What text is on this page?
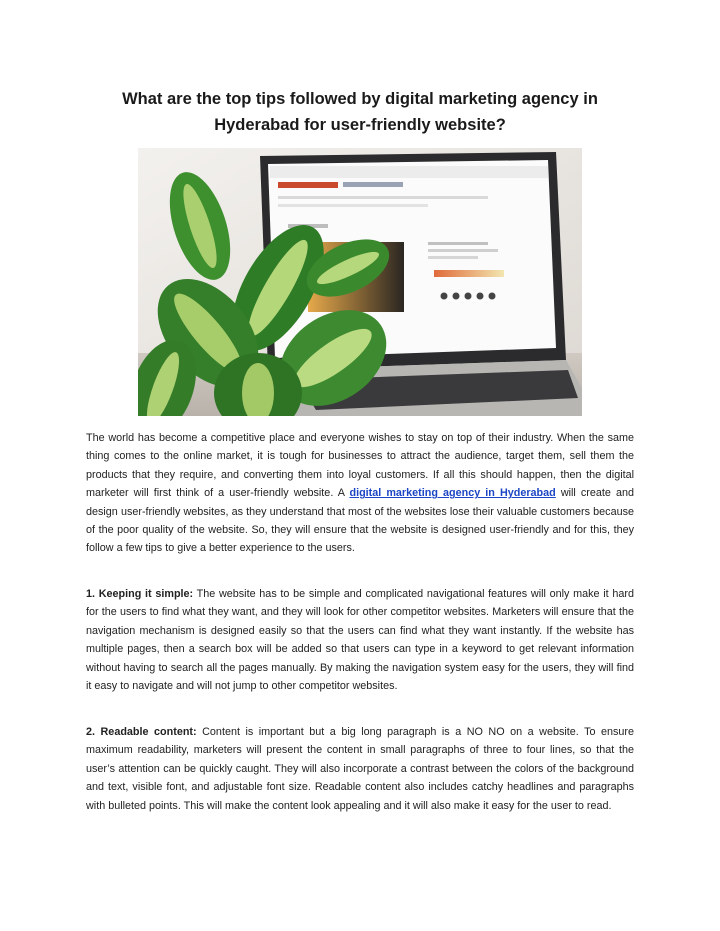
What are the top tips followed by digital marketing agency in Hyderabad for user-friendly website?

The world has become a competitive place and everyone wishes to stay on top of their industry. When the same thing comes to the online market, it is tough for businesses to attract the audience, target them, sell them the products that they require, and converting them into loyal customers. If all this should happen, then the digital marketer will first think of a user-friendly website. A digital marketing agency in Hyderabad will create and design user-friendly websites, as they understand that most of the websites lose their valuable customers because of the poor quality of the website. So, they will ensure that the website is designed user-friendly and for this, they follow a few tips to give a better experience to the users.

1. Keeping it simple: The website has to be simple and complicated navigational features will only make it hard for the users to find what they want, and they will look for other competitor websites. Marketers will ensure that the navigation mechanism is designed easily so that the users can find what they want instantly. If the website has multiple pages, then a search box will be added so that users can type in a keyword to get relevant information without having to search all the pages manually. By making the navigation system easy for the users, they will find it easy to navigate and will not jump to other competitor websites.

2. Readable content: Content is important but a big long paragraph is a NO NO on a website. To ensure maximum readability, marketers will present the content in small paragraphs of three to four lines, so that the user’s attention can be quickly caught. They will also incorporate a contrast between the colors of the background and text, visible font, and adjustable font size. Readable content also includes catchy headlines and paragraphs with bulleted points. This will make the content look appealing and it will also make it easy for the user to read.
